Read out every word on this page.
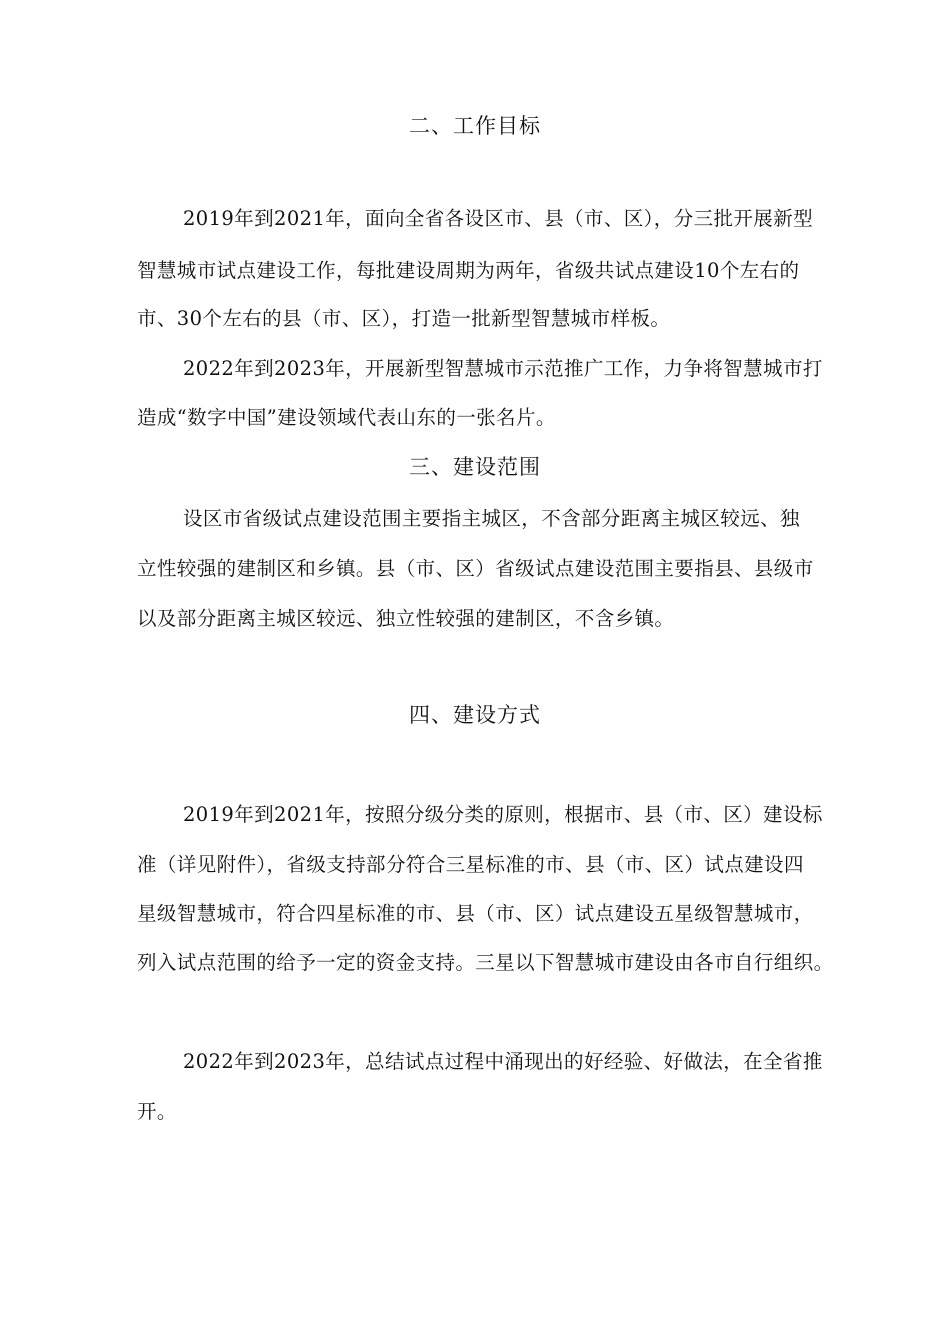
二、工作目标
2019年到2021年，面向全省各设区市、县（市、区），分三批开展新型
智慧城市试点建设工作，每批建设周期为两年，省级共试点建设10个左右的
市、30个左右的县（市、区），打造一批新型智慧城市样板。
2022年到2023年，开展新型智慧城市示范推广工作，力争将智慧城市打
造成“数字中国”建设领域代表山东的一张名片。
三、建设范围
设区市省级试点建设范围主要指主城区，不含部分距离主城区较远、独
立性较强的建制区和乡镇。县（市、区）省级试点建设范围主要指县、县级市
以及部分距离主城区较远、独立性较强的建制区，不含乡镇。
四、建设方式
2019年到2021年，按照分级分类的原则，根据市、县（市、区）建设标
准（详见附件），省级支持部分符合三星标准的市、县（市、区）试点建设四
星级智慧城市，符合四星标准的市、县（市、区）试点建设五星级智慧城市，
列入试点范围的给予一定的资金支持。三星以下智慧城市建设由各市自行组织。
2022年到2023年，总结试点过程中涌现出的好经验、好做法，在全省推
开。
